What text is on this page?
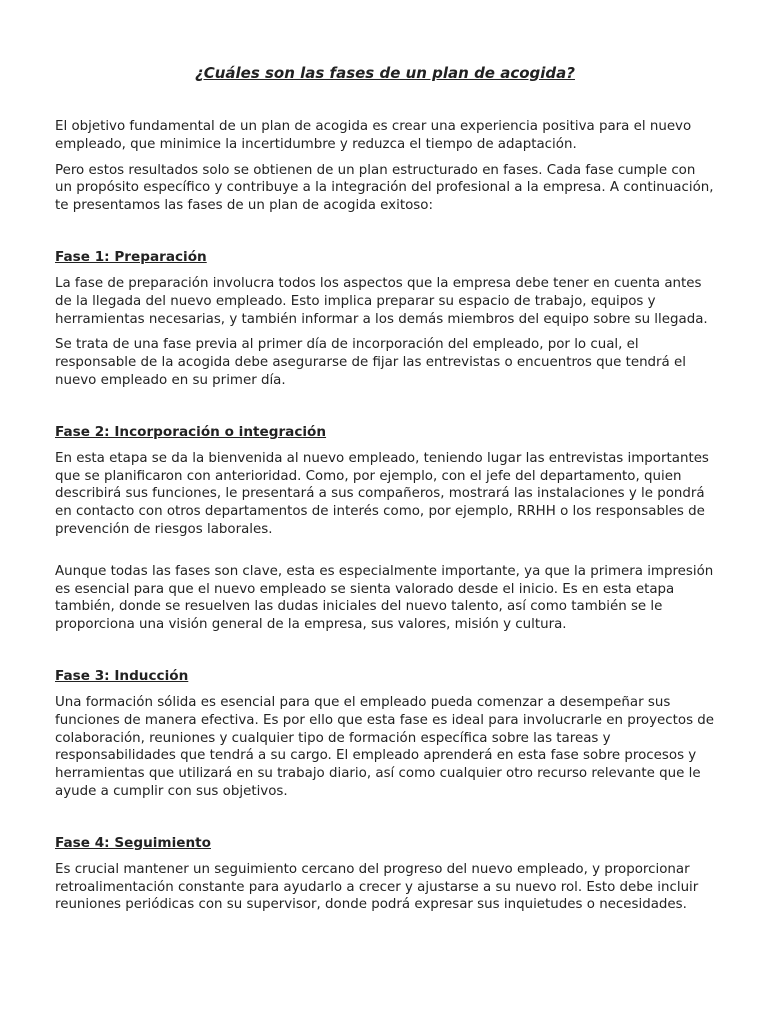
¿Cuáles son las fases de un plan de acogida?

El objetivo fundamental de un plan de acogida es crear una experiencia positiva para el nuevo empleado, que minimice la incertidumbre y reduzca el tiempo de adaptación.

Pero estos resultados solo se obtienen de un plan estructurado en fases. Cada fase cumple con un propósito específico y contribuye a la integración del profesional a la empresa. A continuación, te presentamos las fases de un plan de acogida exitoso:

Fase 1: Preparación

La fase de preparación involucra todos los aspectos que la empresa debe tener en cuenta antes de la llegada del nuevo empleado. Esto implica preparar su espacio de trabajo, equipos y herramientas necesarias, y también informar a los demás miembros del equipo sobre su llegada.

Se trata de una fase previa al primer día de incorporación del empleado, por lo cual, el responsable de la acogida debe asegurarse de fijar las entrevistas o encuentros que tendrá el nuevo empleado en su primer día.

Fase 2: Incorporación o integración

En esta etapa se da la bienvenida al nuevo empleado, teniendo lugar las entrevistas importantes que se planificaron con anterioridad. Como, por ejemplo, con el jefe del departamento, quien describirá sus funciones, le presentará a sus compañeros, mostrará las instalaciones y le pondrá en contacto con otros departamentos de interés como, por ejemplo, RRHH o los responsables de prevención de riesgos laborales.

Aunque todas las fases son clave, esta es especialmente importante, ya que la primera impresión es esencial para que el nuevo empleado se sienta valorado desde el inicio. Es en esta etapa también, donde se resuelven las dudas iniciales del nuevo talento, así como también se le proporciona una visión general de la empresa, sus valores, misión y cultura.

Fase 3: Inducción

Una formación sólida es esencial para que el empleado pueda comenzar a desempeñar sus funciones de manera efectiva. Es por ello que esta fase es ideal para involucrarle en proyectos de colaboración, reuniones y cualquier tipo de formación específica sobre las tareas y responsabilidades que tendrá a su cargo. El empleado aprenderá en esta fase sobre procesos y herramientas que utilizará en su trabajo diario, así como cualquier otro recurso relevante que le ayude a cumplir con sus objetivos.

Fase 4: Seguimiento

Es crucial mantener un seguimiento cercano del progreso del nuevo empleado, y proporcionar retroalimentación constante para ayudarlo a crecer y ajustarse a su nuevo rol. Esto debe incluir reuniones periódicas con su supervisor, donde podrá expresar sus inquietudes o necesidades.
